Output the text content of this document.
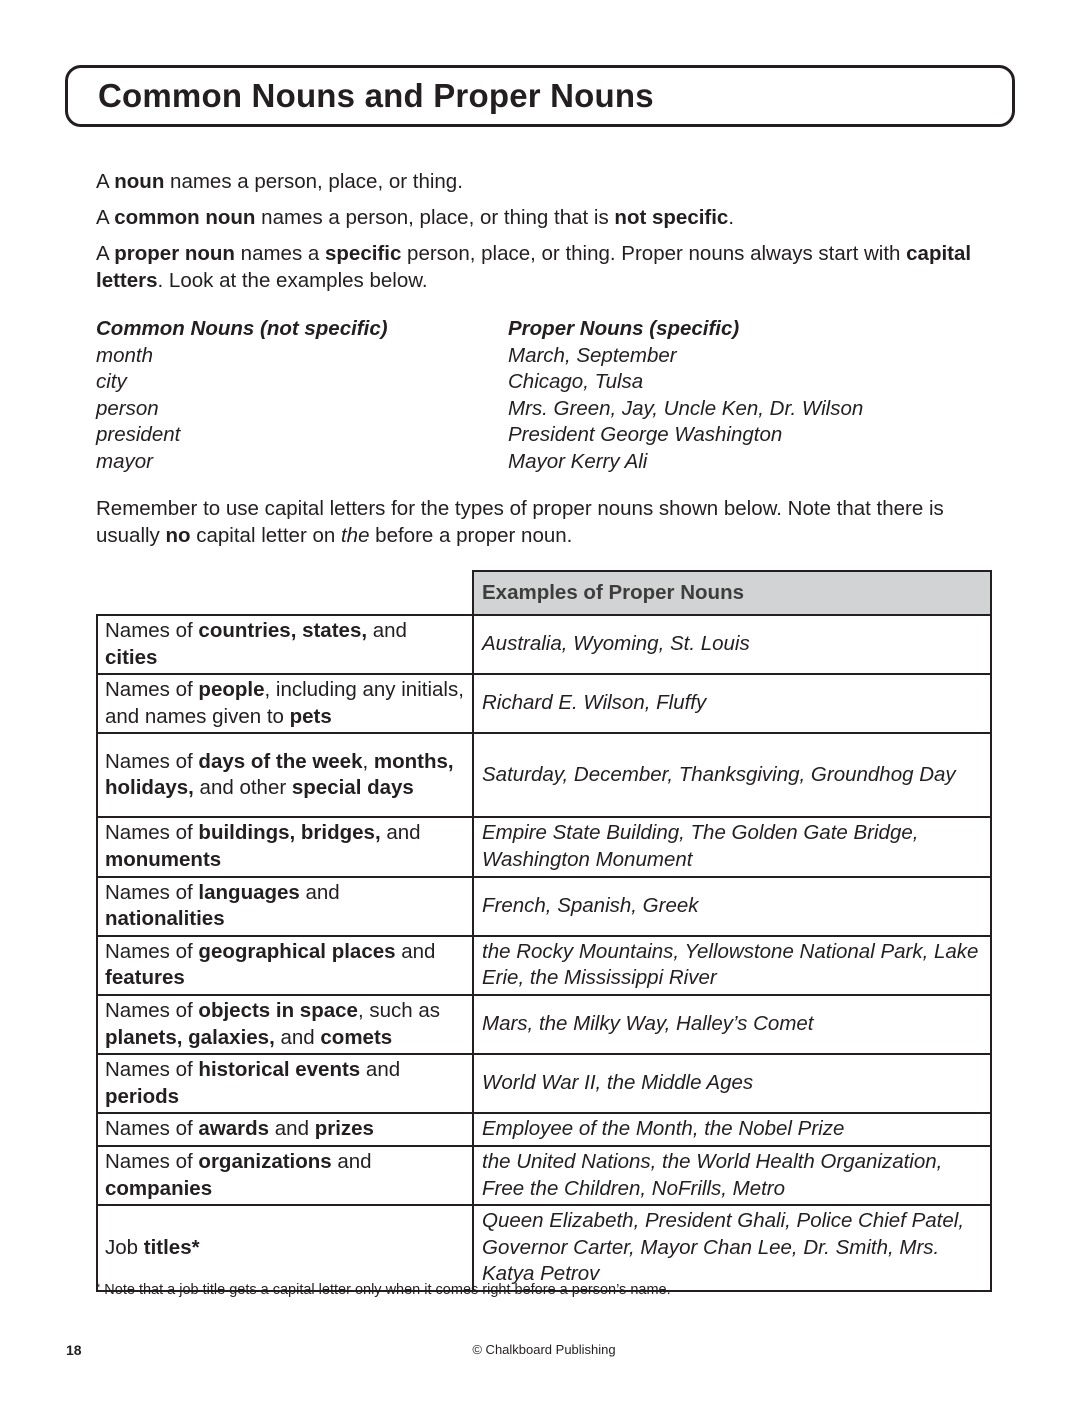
Common Nouns and Proper Nouns

A noun names a person, place, or thing.

A common noun names a person, place, or thing that is not specific.

A proper noun names a specific person, place, or thing. Proper nouns always start with capital letters. Look at the examples below.

Common Nouns (not specific)	Proper Nouns (specific)
month	March, September
city	Chicago, Tulsa
person	Mrs. Green, Jay, Uncle Ken, Dr. Wilson
president	President George Washington
mayor	Mayor Kerry Ali
Remember to use capital letters for the types of proper nouns shown below. Note that there is usually no capital letter on the before a proper noun.
	Examples of Proper Nouns
Names of countries, states, and cities	Australia, Wyoming, St. Louis
Names of people, including any initials, and names given to pets	Richard E. Wilson, Fluffy
Names of days of the week, months, holidays, and other special days	Saturday, December, Thanksgiving, Groundhog Day
Names of buildings, bridges, and monuments	Empire State Building, The Golden Gate Bridge, Washington Monument
Names of languages and nationalities	French, Spanish, Greek
Names of geographical places and features	the Rocky Mountains, Yellowstone National Park, Lake Erie, the Mississippi River
Names of objects in space, such as planets, galaxies, and comets	Mars, the Milky Way, Halley’s Comet
Names of historical events and periods	World War II, the Middle Ages
Names of awards and prizes	Employee of the Month, the Nobel Prize
Names of organizations and companies	the United Nations, the World Health Organization, Free the Children, NoFrills, Metro
Job titles*	Queen Elizabeth, President Ghali, Police Chief Patel, Governor Carter, Mayor Chan Lee, Dr. Smith, Mrs. Katya Petrov
* Note that a job title gets a capital letter only when it comes right before a person’s name.
18	© Chalkboard Publishing
